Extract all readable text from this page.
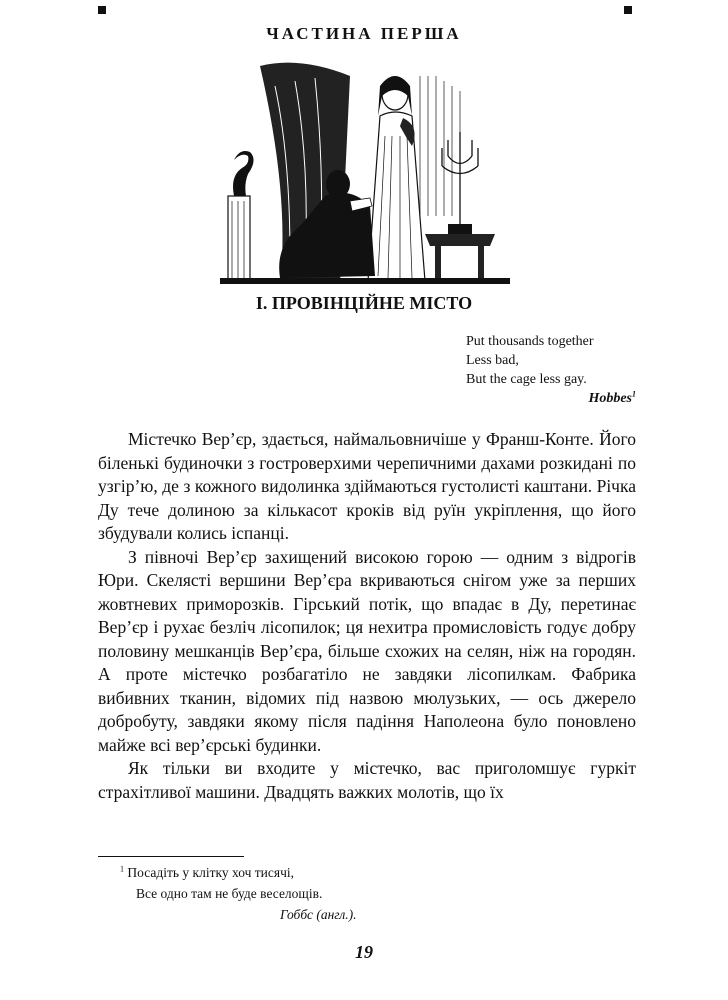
ЧАСТИНА ПЕРША
І. ПРОВІНЦІЙНЕ МІСТО
Put thousands together
Less bad,
But the cage less gay.
Hobbes$^1$

Містечко Вер’єр, здається, наймальовничіше у Франш-Конте. Його біленькі будиночки з гостроверхими черепичними дахами розкидані по узгір’ю, де з кожного видолинка здіймаються густолисті каштани. Річка Ду тече долиною за кількасот кроків від руїн укріплення, що його збудували колись іспанці.

З півночі Вер’єр захищений високою горою — одним з відрогів Юри. Скелясті вершини Вер’єра вкриваються снігом уже за перших жовтневих приморозків. Гірський потік, що впадає в Ду, перетинає Вер’єр і рухає безліч лісопилок; ця нехитра промисловість годує добру половину мешканців Вер’єра, більше схожих на селян, ніж на городян. А проте містечко розбагатіло не завдяки лісопилкам. Фабрика вибивних тканин, відомих під назвою мюлузьких, — ось джерело добробуту, завдяки якому після падіння Наполеона було поновлено майже всі вер’єрські будинки.

Як тільки ви входите у містечко, вас приголомшує гуркіт страхітливої машини. Двадцять важких молотів, що їх

$^1$ Посадіть у клітку хоч тисячі,
Все одно там не буде веселощів.
Гоббс (англ.).
19
